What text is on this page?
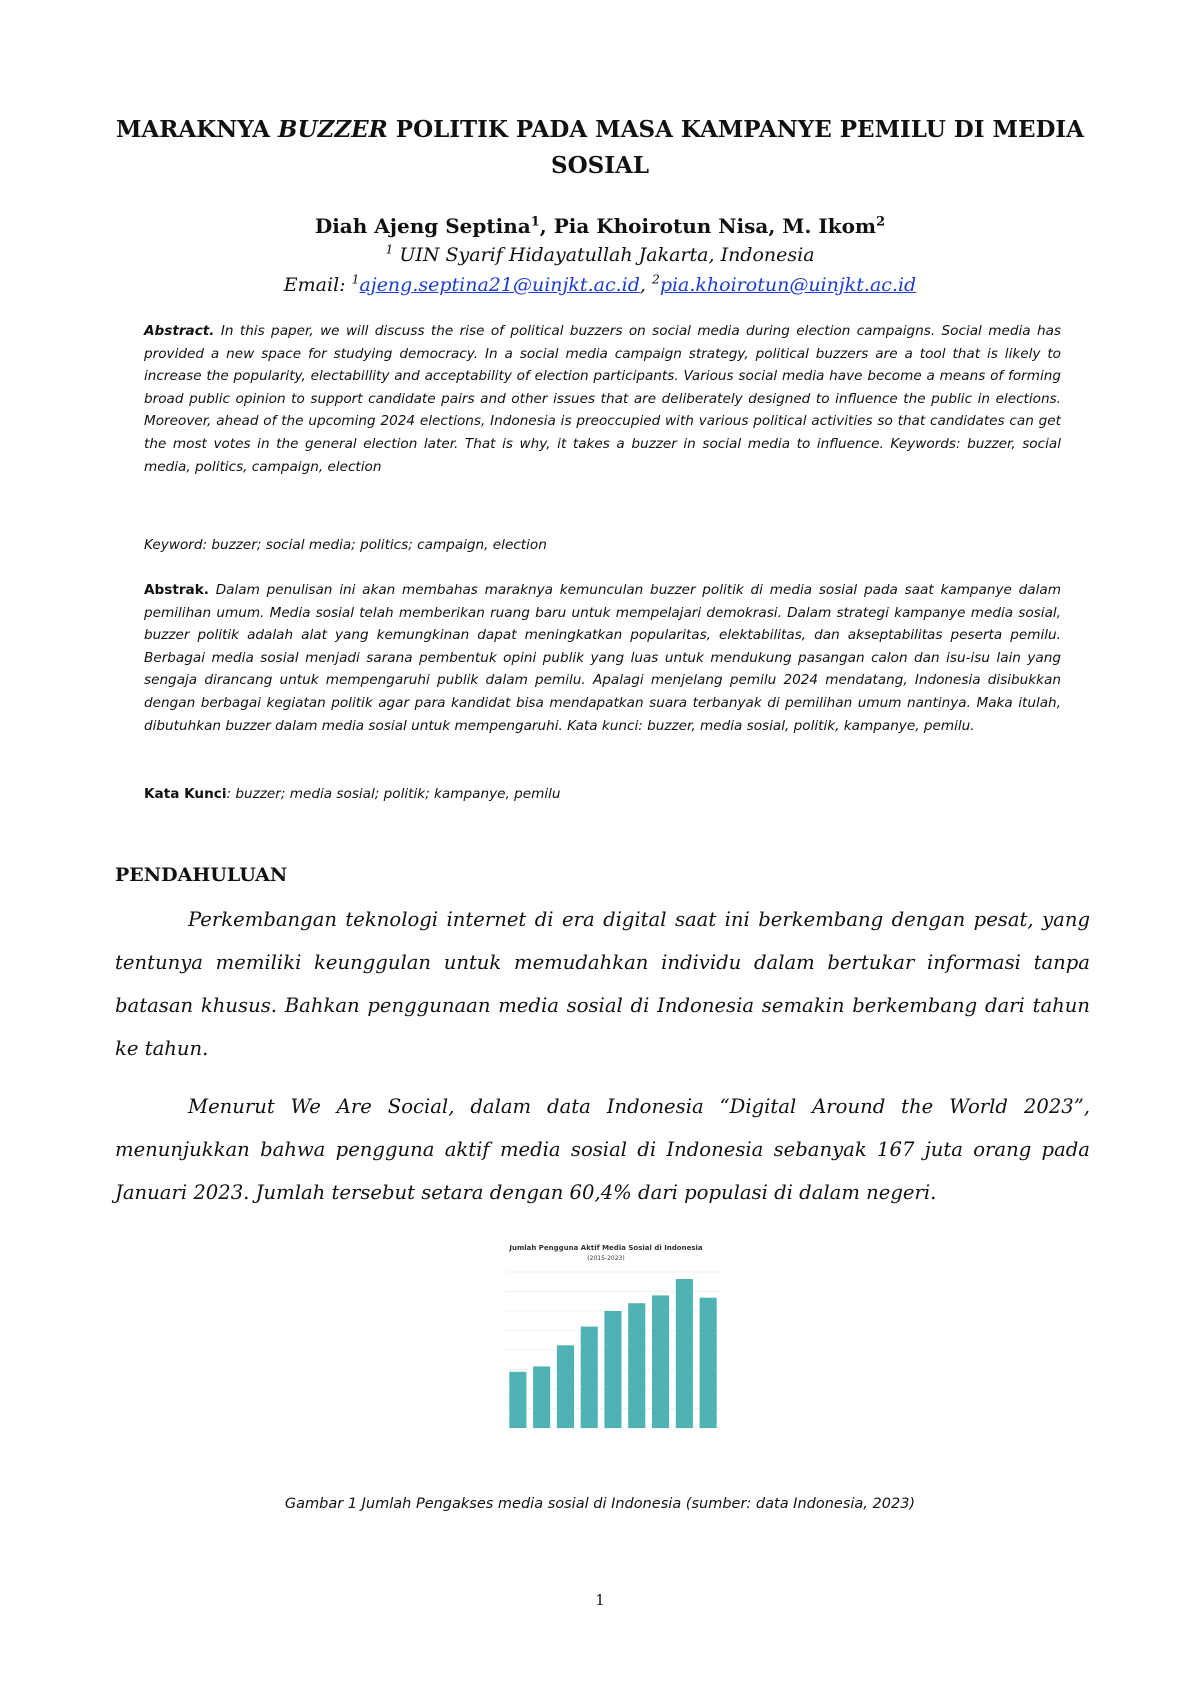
MARAKNYA BUZZER POLITIK PADA MASA KAMPANYE PEMILU DI MEDIA SOSIAL
Diah Ajeng Septina$^1$, Pia Khoirotun Nisa, M. Ikom$^2$
$^1$ UIN Syarif Hidayatullah Jakarta, Indonesia
Email: $^1$ajeng.septina21@uinjkt.ac.id, $^2$pia.khoirotun@uinjkt.ac.id
Abstract. In this paper, we will discuss the rise of political buzzers on social media during election campaigns. Social media has provided a new space for studying democracy. In a social media campaign strategy, political buzzers are a tool that is likely to increase the popularity, electabillity and acceptability of election participants. Various social media have become a means of forming broad public opinion to support candidate pairs and other issues that are deliberately designed to influence the public in elections. Moreover, ahead of the upcoming 2024 elections, Indonesia is preoccupied with various political activities so that candidates can get the most votes in the general election later. That is why, it takes a buzzer in social media to influence. Keywords: buzzer, social media, politics, campaign, election
Keyword: buzzer; social media; politics; campaign, election
Abstrak. Dalam penulisan ini akan membahas maraknya kemunculan buzzer politik di media sosial pada saat kampanye dalam pemilihan umum. Media sosial telah memberikan ruang baru untuk mempelajari demokrasi. Dalam strategi kampanye media sosial, buzzer politik adalah alat yang kemungkinan dapat meningkatkan popularitas, elektabilitas, dan akseptabilitas peserta pemilu. Berbagai media sosial menjadi sarana pembentuk opini publik yang luas untuk mendukung pasangan calon dan isu-isu lain yang sengaja dirancang untuk mempengaruhi publik dalam pemilu. Apalagi menjelang pemilu 2024 mendatang, Indonesia disibukkan dengan berbagai kegiatan politik agar para kandidat bisa mendapatkan suara terbanyak di pemilihan umum nantinya. Maka itulah, dibutuhkan buzzer dalam media sosial untuk mempengaruhi. Kata kunci: buzzer, media sosial, politik, kampanye, pemilu.
Kata Kunci: buzzer; media sosial; politik; kampanye, pemilu
PENDAHULUAN
Perkembangan teknologi internet di era digital saat ini berkembang dengan pesat, yang tentunya memiliki keunggulan untuk memudahkan individu dalam bertukar informasi tanpa batasan khusus. Bahkan penggunaan media sosial di Indonesia semakin berkembang dari tahun ke tahun.
Menurut We Are Social, dalam data Indonesia “Digital Around the World 2023”, menunjukkan bahwa pengguna aktif media sosial di Indonesia sebanyak 167 juta orang pada Januari 2023. Jumlah tersebut setara dengan 60,4% dari populasi di dalam negeri.
Jumlah Pengguna Aktif Media Sosial di Indonesia
(2015-2023)
Gambar 1 Jumlah Pengakses media sosial di Indonesia (sumber: data Indonesia, 2023)
1
